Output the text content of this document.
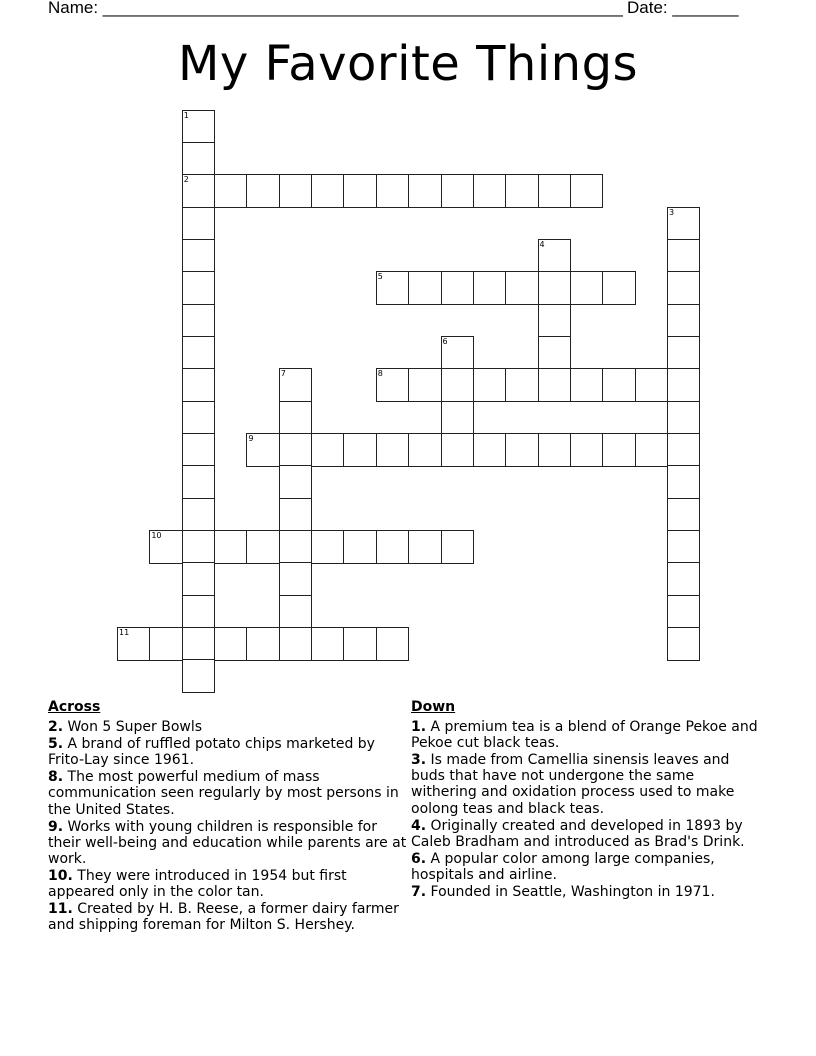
Name: _______________________________________________________ Date: _______
My Favorite Things
2
5
8
9
10
11
1
3
4
6
7
Across
2. Won 5 Super Bowls
5. A brand of ruffled potato chips marketed by Frito-Lay since 1961.
8. The most powerful medium of mass communication seen regularly by most persons in the United States.
9. Works with young children is responsible for their well-being and education while parents are at work.
10. They were introduced in 1954 but first appeared only in the color tan.
11. Created by H. B. Reese, a former dairy farmer and shipping foreman for Milton S. Hershey.
Down
1. A premium tea is a blend of Orange Pekoe and Pekoe cut black teas.
3. Is made from Camellia sinensis leaves and buds that have not undergone the same withering and oxidation process used to make oolong teas and black teas.
4. Originally created and developed in 1893 by Caleb Bradham and introduced as Brad's Drink.
6. A popular color among large companies, hospitals and airline.
7. Founded in Seattle, Washington in 1971.
